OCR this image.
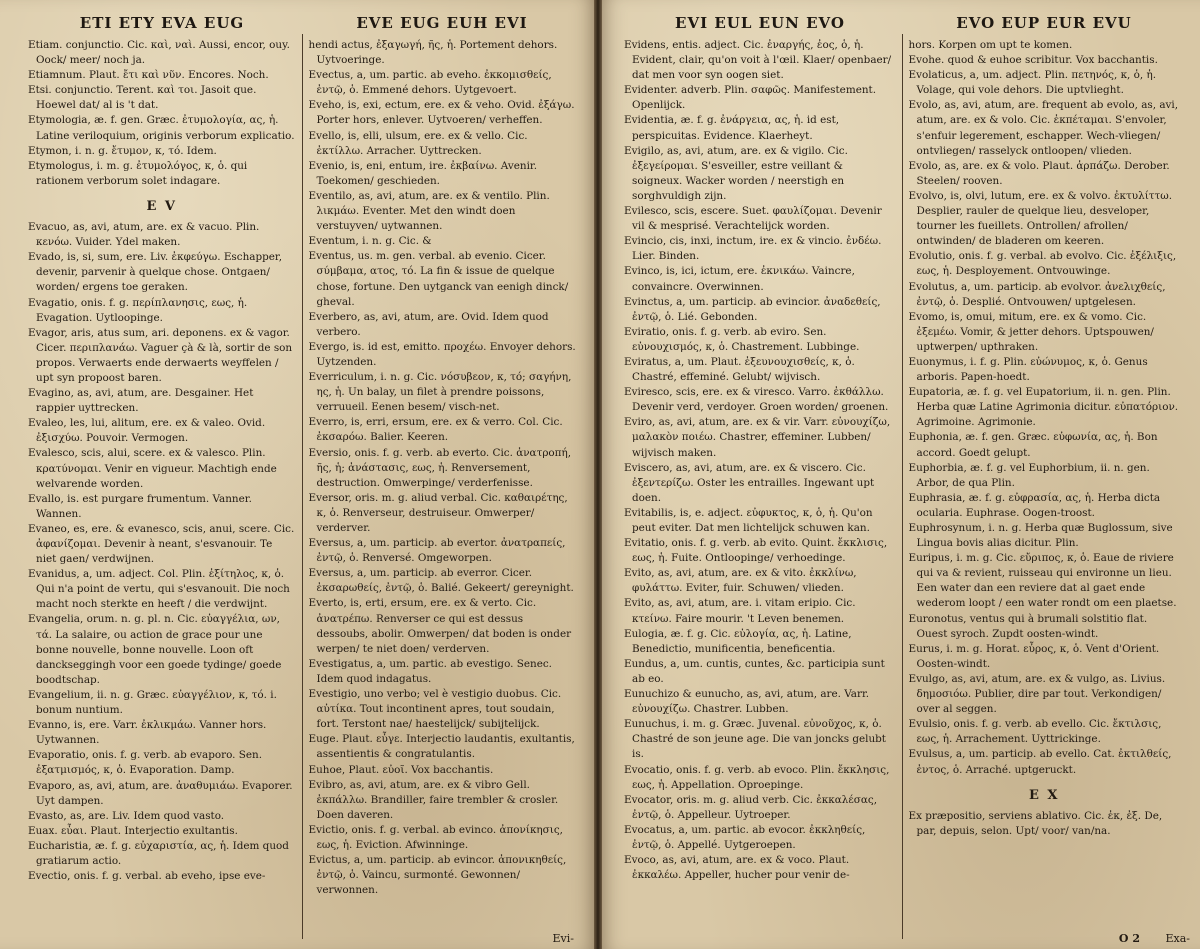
ETI ETY EVA EUG	EVE EUG EUH EVI

Etiam. conjunctio. Cic. καὶ, ναὶ. Aussi, encor, ouy. Oock/ meer/ noch ja.

Etiamnum. Plaut. ἔτι καὶ νῦν. Encores. Noch.

Etsi. conjunctio. Terent. καὶ τοι. Jasoit que. Hoewel dat/ al is 't dat.

Etymologia, æ. f. gen. Græc. ἐτυμολογία, ας, ἡ. Latine veriloquium, originis verborum explicatio.

Etymon, i. n. g. ἔτυμον, κ, τό. Idem.

Etymologus, i. m. g. ἐτυμολόγος, κ, ὁ. qui rationem verborum solet indagare.

E V

Evacuo, as, avi, atum, are. ex & vacuo. Plin. κενόω. Vuider. Ydel maken.

Evado, is, si, sum, ere. Liv. ἐκφεύγω. Eschapper, devenir, parvenir à quelque chose. Ontgaen/ worden/ ergens toe geraken.

Evagatio, onis. f. g. περίπλανησις, εως, ἡ. Evagation. Uytloopinge.

Evagor, aris, atus sum, ari. deponens. ex & vagor. Cicer. περιπλανάω. Vaguer çà & là, sortir de son propos. Verwaerts ende derwaerts weyffelen / upt syn propoost baren.

Evagino, as, avi, atum, are. Desgainer. Het rappier uyttrecken.

Evaleo, les, lui, alitum, ere. ex & valeo. Ovid. ἐξισχύω. Pouvoir. Vermogen.

Evalesco, scis, alui, scere. ex & valesco. Plin. κρατύνομαι. Venir en vigueur. Machtigh ende welvarende worden.

Evallo, is. est purgare frumentum. Vanner. Wannen.

Evaneo, es, ere. & evanesco, scis, anui, scere. Cic. ἀφανίζομαι. Devenir à neant, s'esvanouir. Te niet gaen/ verdwijnen.

Evanidus, a, um. adject. Col. Plin. ἐξίτηλος, κ, ὁ. Qui n'a point de vertu, qui s'esvanouit. Die noch macht noch sterkte en heeft / die verdwijnt.

Evangelia, orum. n. g. pl. n. Cic. εὐαγγέλια, ων, τά. La salaire, ou action de grace pour une bonne nouvelle, bonne nouvelle. Loon oft danckseggingh voor een goede tydinge/ goede boodtschap.

Evangelium, ii. n. g. Græc. εὐαγγέλιον, κ, τό. i. bonum nuntium.

Evanno, is, ere. Varr. ἐκλικμάω. Vanner hors. Uytwannen.

Evaporatio, onis. f. g. verb. ab evaporo. Sen. ἐξατμισμός, κ, ὁ. Evaporation. Damp.

Evaporo, as, avi, atum, are. ἀναθυμιάω. Evaporer. Uyt dampen.

Evasto, as, are. Liv. Idem quod vasto.

Euax. εὖαι. Plaut. Interjectio exultantis.

Eucharistia, æ. f. g. εὐχαριστία, ας, ἡ. Idem quod gratiarum actio.

Evectio, onis. f. g. verbal. ab eveho, ipse eve-

hendi actus, ἐξαγωγή, ῆς, ἡ. Portement dehors. Uytvoeringe.

Evectus, a, um. partic. ab eveho. ἐκκομισθείς, ἐντῷ, ὁ. Emmené dehors. Uytgevoert.

Eveho, is, exi, ectum, ere. ex & veho. Ovid. ἐξάγω. Porter hors, enlever. Uytvoeren/ verheffen.

Evello, is, elli, ulsum, ere. ex & vello. Cic. ἐκτίλλω. Arracher. Uyttrecken.

Evenio, is, eni, entum, ire. ἐκβαίνω. Avenir. Toekomen/ geschieden.

Eventilo, as, avi, atum, are. ex & ventilo. Plin. λικμάω. Eventer. Met den windt doen verstuyven/ uytwannen.

Eventum, i. n. g. Cic. &

Eventus, us. m. gen. verbal. ab evenio. Cicer. σύμβαμα, ατος, τό. La fin & issue de quelque chose, fortune. Den uytganck van eenigh dinck/ gheval.

Everbero, as, avi, atum, are. Ovid. Idem quod verbero.

Evergo, is. id est, emitto. προχέω. Envoyer dehors. Uytzenden.

Everriculum, i. n. g. Cic. νόσυβεον, κ, τό; σαγήνη, ης, ἡ. Un balay, un filet à prendre poissons, verruueil. Eenen besem/ visch-net.

Everro, is, erri, ersum, ere. ex & verro. Col. Cic. ἐκσαρόω. Balier. Keeren.

Eversio, onis. f. g. verb. ab everto. Cic. ἀνατροπή, ῆς, ἡ; ἀνάστασις, εως, ἡ. Renversement, destruction. Omwerpinge/ verderfenisse.

Eversor, oris. m. g. aliud verbal. Cic. καθαιρέτης, κ, ὁ. Renverseur, destruiseur. Omwerper/ verderver.

Eversus, a, um. particip. ab evertor. ἀνατραπείς, ἐντῷ, ὁ. Renversé. Omgeworpen.

Eversus, a, um. particip. ab everror. Cicer. ἐκσαρωθείς, ἐντῷ, ὁ. Balié. Gekeert/ gereynight.

Everto, is, erti, ersum, ere. ex & verto. Cic. ἀνατρέπω. Renverser ce qui est dessus dessoubs, abolir. Omwerpen/ dat boden is onder werpen/ te niet doen/ verderven.

Evestigatus, a, um. partic. ab evestigo. Senec. Idem quod indagatus.

Evestigio, uno verbo; vel è vestigio duobus. Cic. αὐτίκα. Tout incontinent apres, tout soudain, fort. Terstont nae/ haestelijck/ subijtelijck.

Euge. Plaut. εὖγε. Interjectio laudantis, exultantis, assentientis & congratulantis.

Euhoe, Plaut. εὐοῖ. Vox bacchantis.

Evibro, as, avi, atum, are. ex & vibro Gell. ἐκπάλλω. Brandiller, faire trembler & crosler. Doen daveren.

Evictio, onis. f. g. verbal. ab evinco. ἀπονίκησις, εως, ἡ. Eviction. Afwinninge.

Evictus, a, um. particip. ab evincor. ἀπονικηθείς, ἐντῷ, ὁ. Vaincu, surmonté. Gewonnen/ verwonnen.

Evi-
EVI EUL EUN EVO	EVO EUP EUR EVU

Evidens, entis. adject. Cic. ἐναργής, ἐος, ὁ, ἡ. Evident, clair, qu'on voit à l'œil. Klaer/ openbaer/ dat men voor syn oogen siet.

Evidenter. adverb. Plin. σαφῶς. Manifestement. Openlijck.

Evidentia, æ. f. g. ἐνάργεια, ας, ἡ. id est, perspicuitas. Evidence. Klaerheyt.

Evigilo, as, avi, atum, are. ex & vigilo. Cic. ἐξεγείρομαι. S'esveiller, estre veillant & soigneux. Wacker worden / neerstigh en sorghvuldigh zijn.

Evilesco, scis, escere. Suet. φαυλίζομαι. Devenir vil & mesprisé. Verachtelijck worden.

Evincio, cis, inxi, inctum, ire. ex & vincio. ἐνδέω. Lier. Binden.

Evinco, is, ici, ictum, ere. ἐκνικάω. Vaincre, convaincre. Overwinnen.

Evinctus, a, um. particip. ab evincior. ἀναδεθείς, ἐντῷ, ὁ. Lié. Gebonden.

Eviratio, onis. f. g. verb. ab eviro. Sen. εὐνουχισμός, κ, ὁ. Chastrement. Lubbinge.

Eviratus, a, um. Plaut. ἐξευνουχισθείς, κ, ὁ. Chastré, effeminé. Gelubt/ wijvisch.

Eviresco, scis, ere. ex & viresco. Varro. ἐκθάλλω. Devenir verd, verdoyer. Groen worden/ groenen.

Eviro, as, avi, atum, are. ex & vir. Varr. εὐνουχίζω, μαλακὸν ποιέω. Chastrer, effeminer. Lubben/ wijvisch maken.

Eviscero, as, avi, atum, are. ex & viscero. Cic. ἐξεντερίζω. Oster les entrailles. Ingewant upt doen.

Evitabilis, is, e. adject. εὐφυκτος, κ, ὁ, ἡ. Qu'on peut eviter. Dat men lichtelijck schuwen kan.

Evitatio, onis. f. g. verb. ab evito. Quint. ἔκκλισις, εως, ἡ. Fuite. Ontloopinge/ verhoedinge.

Evito, as, avi, atum, are. ex & vito. ἐκκλίνω, φυλάττω. Eviter, fuir. Schuwen/ vlieden.

Evito, as, avi, atum, are. i. vitam eripio. Cic. κτείνω. Faire mourir. 't Leven benemen.

Eulogia, æ. f. g. Cic. εὐλογία, ας, ἡ. Latine, Benedictio, munificentia, beneficentia.

Eundus, a, um. cuntis, cuntes, &c. participia sunt ab eo.

Eunuchizo & eunucho, as, avi, atum, are. Varr. εὐνουχίζω. Chastrer. Lubben.

Eunuchus, i. m. g. Græc. Juvenal. εὐνοῦχος, κ, ὁ. Chastré de son jeune age. Die van joncks gelubt is.

Evocatio, onis. f. g. verb. ab evoco. Plin. ἔκκλησις, εως, ἡ. Appellation. Oproepinge.

Evocator, oris. m. g. aliud verb. Cic. ἐκκαλέσας, ἐντῷ, ὁ. Appelleur. Uytroeper.

Evocatus, a, um. partic. ab evocor. ἐκκληθείς, ἐντῷ, ὁ. Appellé. Uytgeroepen.

Evoco, as, avi, atum, are. ex & voco. Plaut. ἐκκαλέω. Appeller, hucher pour venir de-

hors. Korpen om upt te komen.

Evohe. quod & euhoe scribitur. Vox bacchantis.

Evolaticus, a, um. adject. Plin. πετηνός, κ, ὁ, ἡ. Volage, qui vole dehors. Die uptvlieght.

Evolo, as, avi, atum, are. frequent ab evolo, as, avi, atum, are. ex & volo. Cic. ἐκπέταμαι. S'envoler, s'enfuir legerement, eschapper. Wech-vliegen/ ontvliegen/ rasselyck ontloopen/ vlieden.

Evolo, as, are. ex & volo. Plaut. ἁρπάζω. Derober. Steelen/ rooven.

Evolvo, is, olvi, lutum, ere. ex & volvo. ἐκτυλίττω. Desplier, rauler de quelque lieu, desveloper, tourner les fueillets. Ontrollen/ afrollen/ ontwinden/ de bladeren om keeren.

Evolutio, onis. f. g. verbal. ab evolvo. Cic. ἐξέλιξις, εως, ἡ. Desployement. Ontvouwinge.

Evolutus, a, um. particip. ab evolvor. ἀνελιχθείς, ἐντῷ, ὁ. Desplié. Ontvouwen/ uptgelesen.

Evomo, is, omui, mitum, ere. ex & vomo. Cic. ἐξεμέω. Vomir, & jetter dehors. Uptspouwen/ uptwerpen/ upthraken.

Euonymus, i. f. g. Plin. εὐώνυμος, κ, ὁ. Genus arboris. Papen-hoedt.

Eupatoria, æ. f. g. vel Eupatorium, ii. n. gen. Plin. Herba quæ Latine Agrimonia dicitur. εὐπατόριον. Agrimoine. Agrimonie.

Euphonia, æ. f. gen. Græc. εὐφωνία, ας, ἡ. Bon accord. Goedt gelupt.

Euphorbia, æ. f. g. vel Euphorbium, ii. n. gen. Arbor, de qua Plin.

Euphrasia, æ. f. g. εὐφρασία, ας, ἡ. Herba dicta ocularia. Euphrase. Oogen-troost.

Euphrosynum, i. n. g. Herba quæ Buglossum, sive Lingua bovis alias dicitur. Plin.

Euripus, i. m. g. Cic. εὔριπος, κ, ὁ. Eaue de riviere qui va & revient, ruisseau qui environne un lieu. Een water dan een reviere dat al gaet ende wederom loopt / een water rondt om een plaetse.

Euronotus, ventus qui à brumali solstitio flat. Ouest syroch. Zupdt oosten-windt.

Eurus, i. m. g. Horat. εὖρος, κ, ὁ. Vent d'Orient. Oosten-windt.

Evulgo, as, avi, atum, are. ex & vulgo, as. Livius. δημοσιόω. Publier, dire par tout. Verkondigen/ over al seggen.

Evulsio, onis. f. g. verb. ab evello. Cic. ἔκτιλσις, εως, ἡ. Arrachement. Uyttrickinge.

Evulsus, a, um. particip. ab evello. Cat. ἐκτιλθείς, ἐντος, ὁ. Arraché. uptgeruckt.

E X

Ex præpositio, serviens ablativo. Cic. ἐκ, ἐξ. De, par, depuis, selon. Upt/ voor/ van/na.

O 2 Exa-
